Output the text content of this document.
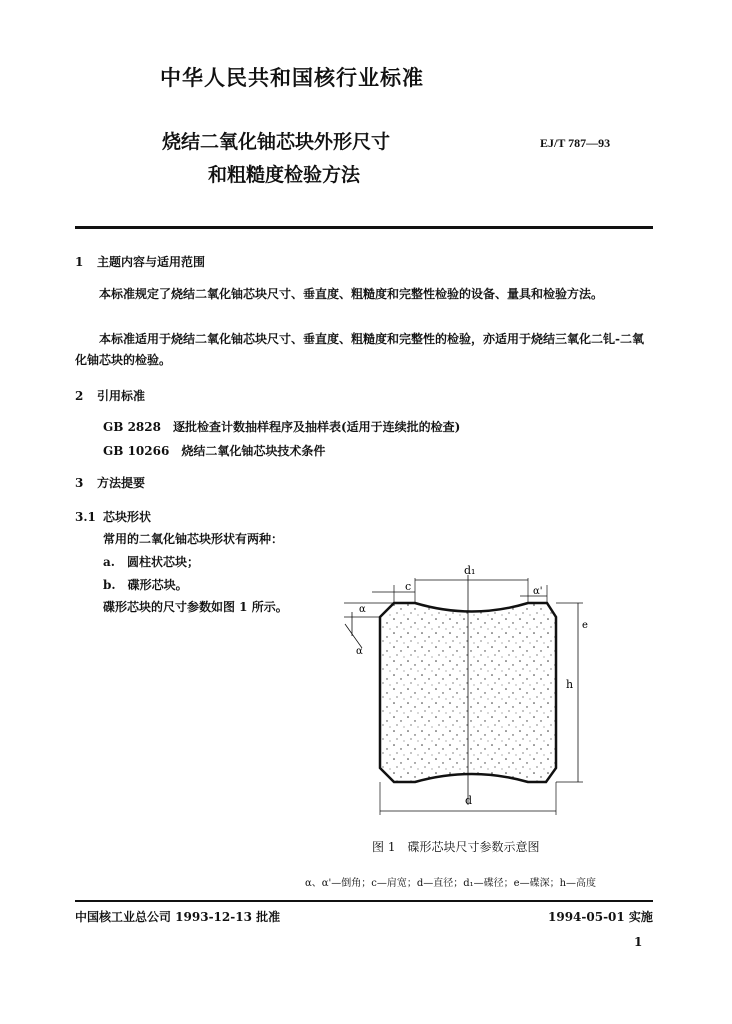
中华人民共和国核行业标准
烧结二氧化铀芯块外形尺寸
和粗糙度检验方法
EJ/T 787—93
1 主题内容与适用范围
　　本标准规定了烧结二氧化铀芯块尺寸、垂直度、粗糙度和完整性检验的设备、量具和检验方法。
　　本标准适用于烧结二氧化铀芯块尺寸、垂直度、粗糙度和完整性的检验，亦适用于烧结三氧化二钆-二氧化铀芯块的检验。
2 引用标准
GB 2828　 逐批检查计数抽样程序及抽样表(适用于连续批的检查)
GB 10266　 烧结二氧化铀芯块技术条件
3 方法提要
3.1 芯块形状
常用的二氧化铀芯块形状有两种：
a.　圆柱状芯块；
b.　碟形芯块。
碟形芯块的尺寸参数如图 1 所示。
c
d₁
α'
α
α
e
h
d
图 1　碟形芯块尺寸参数示意图
α、α'—倒角；c—肩宽；d—直径；d₁—碟径；e—碟深；h—高度
中国核工业总公司 1993-12-13 批准	1994-05-01 实施
1
